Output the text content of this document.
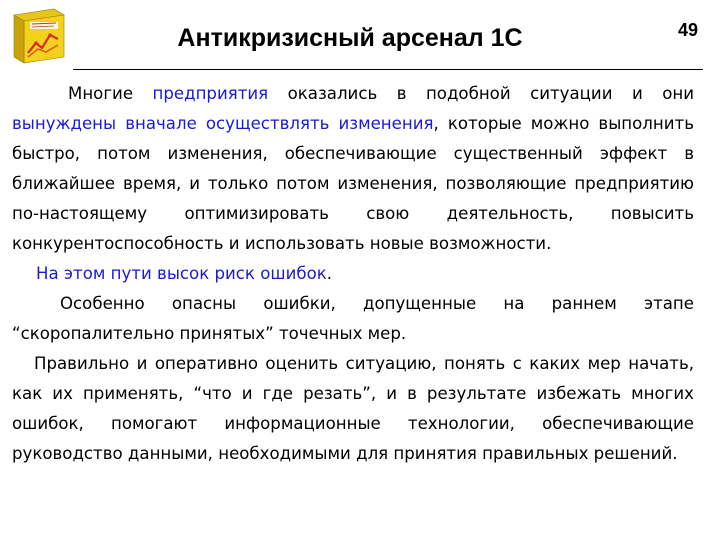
Антикризисный арсенал 1С	49

Многие предприятия оказались в подобной ситуации и они вынуждены вначале осуществлять изменения, которые можно выполнить быстро, потом изменения, обеспечивающие существенный эффект в ближайшее время, и только потом изменения, позволяющие предприятию по-настоящему оптимизировать свою деятельность, повысить конкурентоспособность и использовать новые возможности.

На этом пути высок риск ошибок.

Особенно опасны ошибки, допущенные на раннем этапе “скоропалительно принятых” точечных мер.

Правильно и оперативно оценить ситуацию, понять с каких мер начать, как их применять, “что и где резать”, и в результате избежать многих ошибок, помогают информационные технологии, обеспечивающие руководство данными, необходимыми для принятия правильных решений.
